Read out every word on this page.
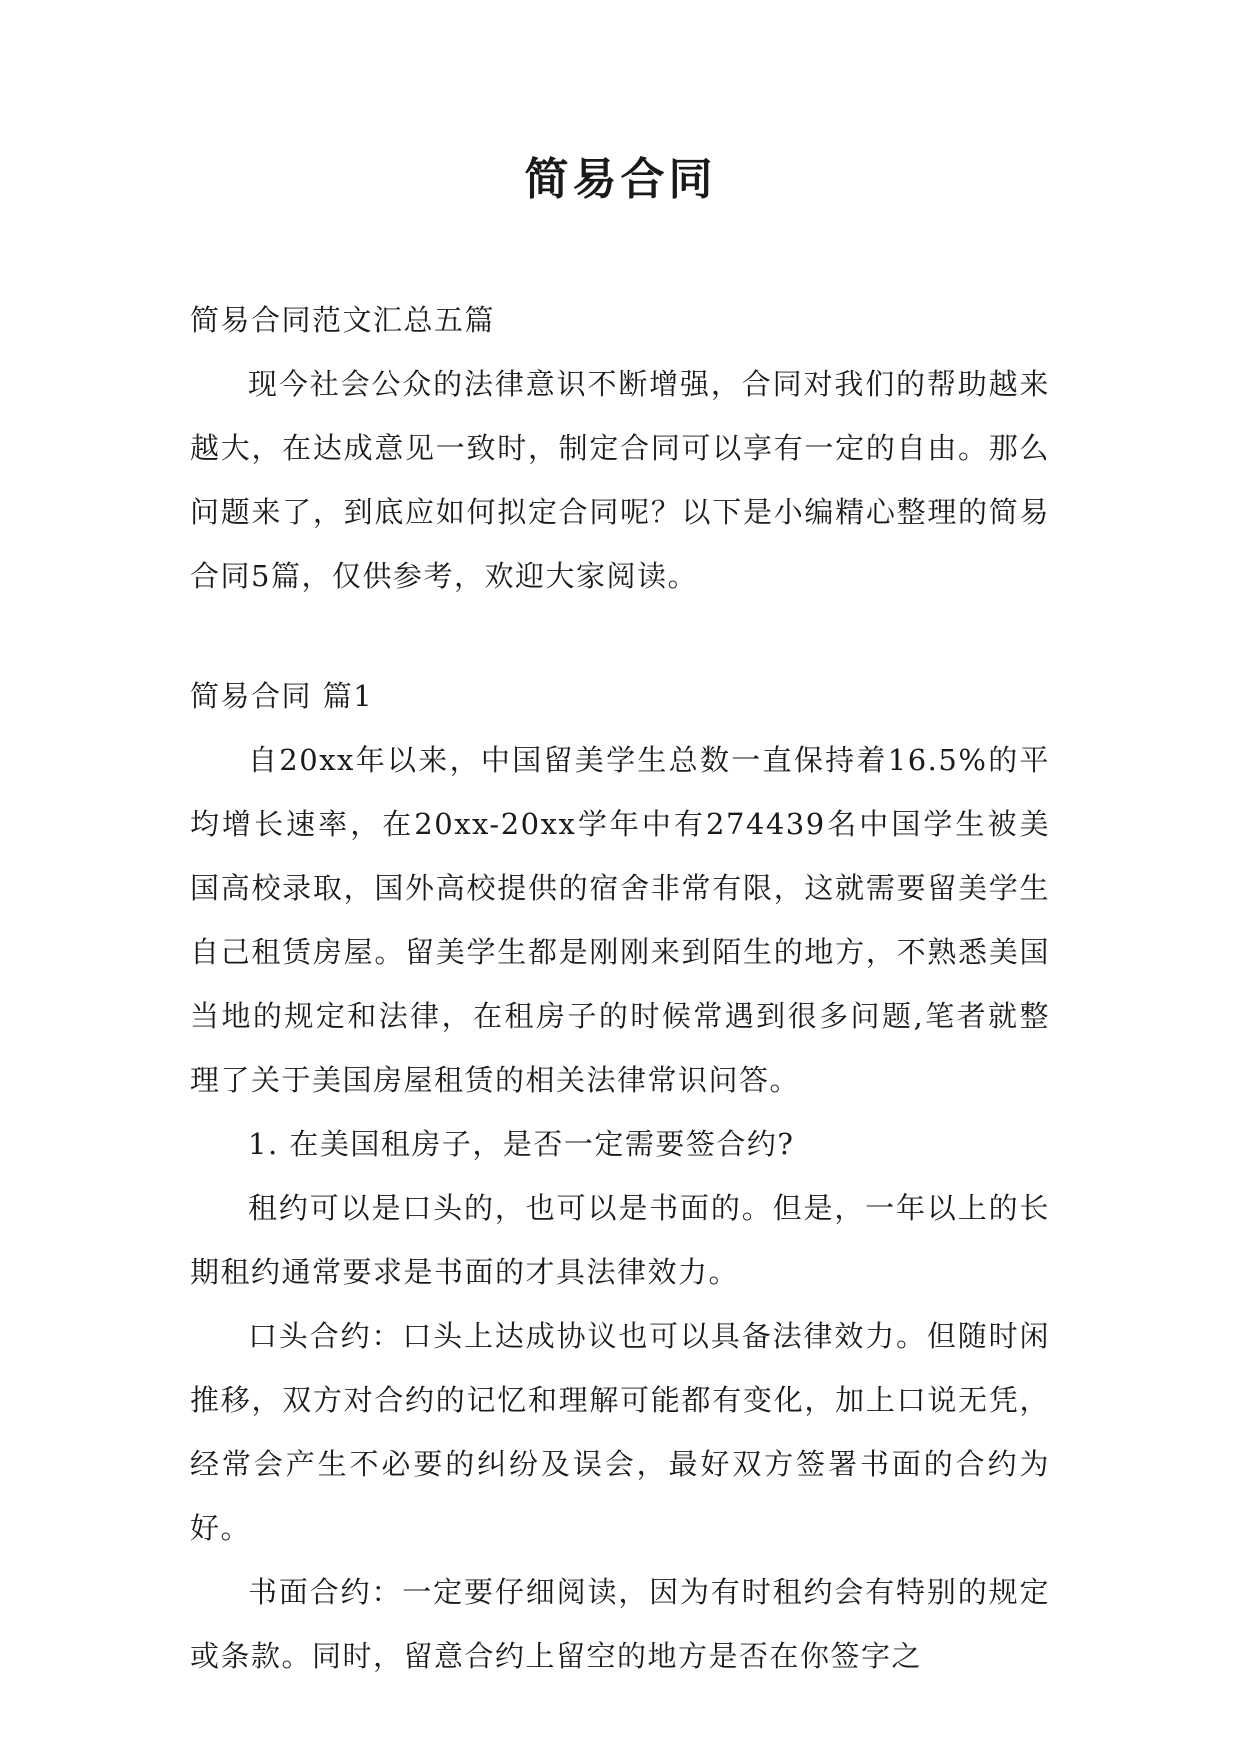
简易合同

简易合同范文汇总五篇

现今社会公众的法律意识不断增强，合同对我们的帮助越来越大，在达成意见一致时，制定合同可以享有一定的自由。那么问题来了，到底应如何拟定合同呢？以下是小编精心整理的简易合同5篇，仅供参考，欢迎大家阅读。

简易合同 篇1

自20xx年以来，中国留美学生总数一直保持着16.5%的平均增长速率，在20xx-20xx学年中有274439名中国学生被美国高校录取，国外高校提供的宿舍非常有限，这就需要留美学生自己租赁房屋。留美学生都是刚刚来到陌生的地方，不熟悉美国当地的规定和法律，在租房子的时候常遇到很多问题,笔者就整理了关于美国房屋租赁的相关法律常识问答。

1. 在美国租房子，是否一定需要签合约?

租约可以是口头的，也可以是书面的。但是，一年以上的长期租约通常要求是书面的才具法律效力。

口头合约：口头上达成协议也可以具备法律效力。但随时闲推移，双方对合约的记忆和理解可能都有变化，加上口说无凭，经常会产生不必要的纠纷及误会，最好双方签署书面的合约为好。

书面合约：一定要仔细阅读，因为有时租约会有特别的规定或条款。同时，留意合约上留空的地方是否在你签字之
